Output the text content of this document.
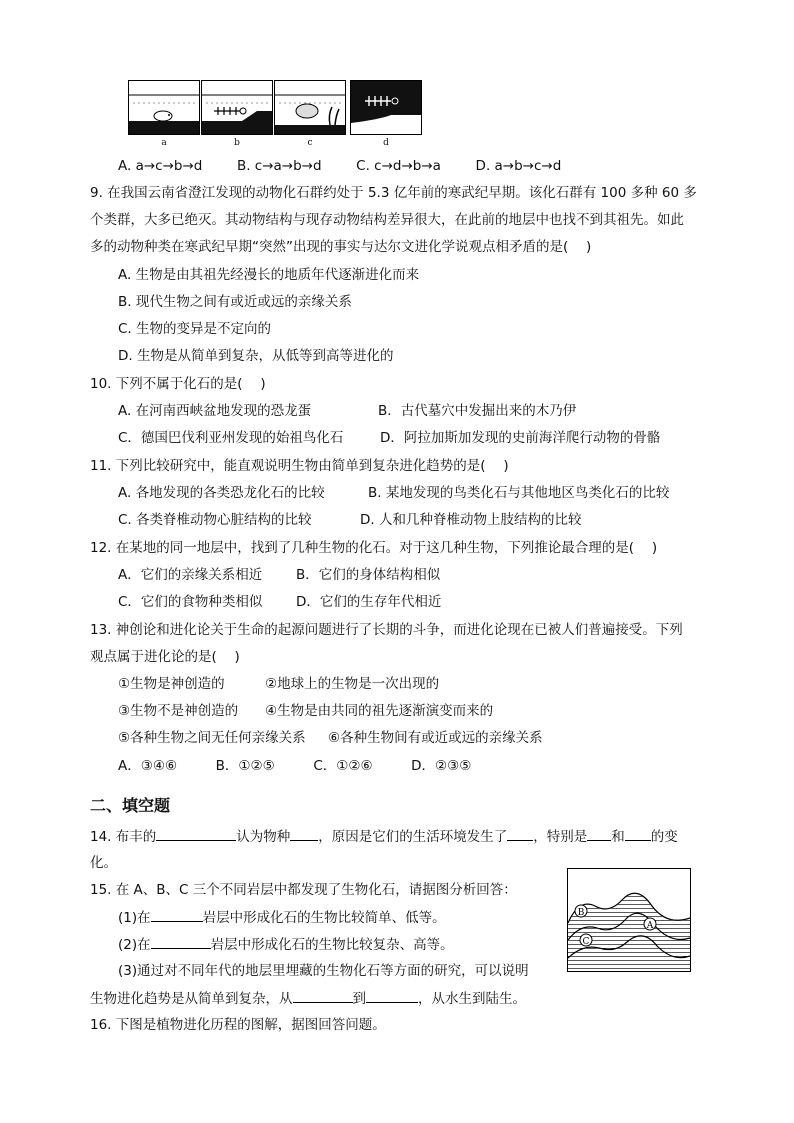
a	b	c	d
A. a→c→b→d	B. c→a→b→d	C. c→d→b→a	D. a→b→c→d
9. 在我国云南省澄江发现的动物化石群约处于 5.3 亿年前的寒武纪早期。该化石群有 100 多种 60 多
个类群，大多已绝灭。其动物结构与现存动物结构差异很大，在此前的地层中也找不到其祖先。如此
多的动物种类在寒武纪早期“突然”出现的事实与达尔文进化学说观点相矛盾的是(　 )
A. 生物是由其祖先经漫长的地质年代逐渐进化而来
B. 现代生物之间有或近或远的亲缘关系
C. 生物的变异是不定向的
D. 生物是从简单到复杂，从低等到高等进化的
10. 下列不属于化石的是(　 )
A. 在河南西峡盆地发现的恐龙蛋	B．古代墓穴中发掘出来的木乃伊
C．德国巴伐利亚州发现的始祖鸟化石	D．阿拉加斯加发现的史前海洋爬行动物的骨骼
11. 下列比较研究中，能直观说明生物由简单到复杂进化趋势的是(　 )
A. 各地发现的各类恐龙化石的比较	B. 某地发现的鸟类化石与其他地区鸟类化石的比较
C. 各类脊椎动物心脏结构的比较	D. 人和几种脊椎动物上肢结构的比较
12. 在某地的同一地层中，找到了几种生物的化石。对于这几种生物，下列推论最合理的是(　 )
A．它们的亲缘关系相近	B．它们的身体结构相似
C．它们的食物种类相似 D．它们的生存年代相近
13. 神创论和进化论关于生命的起源问题进行了长期的斗争，而进化论现在已被人们普遍接受。下列
观点属于进化论的是(　 )
①生物是神创造的	②地球上的生物是一次出现的
③生物不是神创造的 ④生物是由共同的祖先逐渐演变而来的
⑤各种生物之间无任何亲缘关系 ⑥各种生物间有或近或远的亲缘关系
A．③④⑥	B．①②⑤	C．①②⑥	D．②③⑤
二、填空题
14. 布丰的	认为物种 ，原因是它们的生活环境发生了 ，特别是 和 的变
化。
15. 在 A、B、C 三个不同岩层中都发现了生物化石，请据图分析回答：
(1)在	岩层中形成化石的生物比较简单、低等。
(2)在	岩层中形成化石的生物比较复杂、高等。
(3)通过对不同年代的地层里埋藏的生物化石等方面的研究，可以说明
生物进化趋势是从简单到复杂，从	到	，从水生到陆生。
B
A
C
16. 下图是植物进化历程的图解，据图回答问题。
